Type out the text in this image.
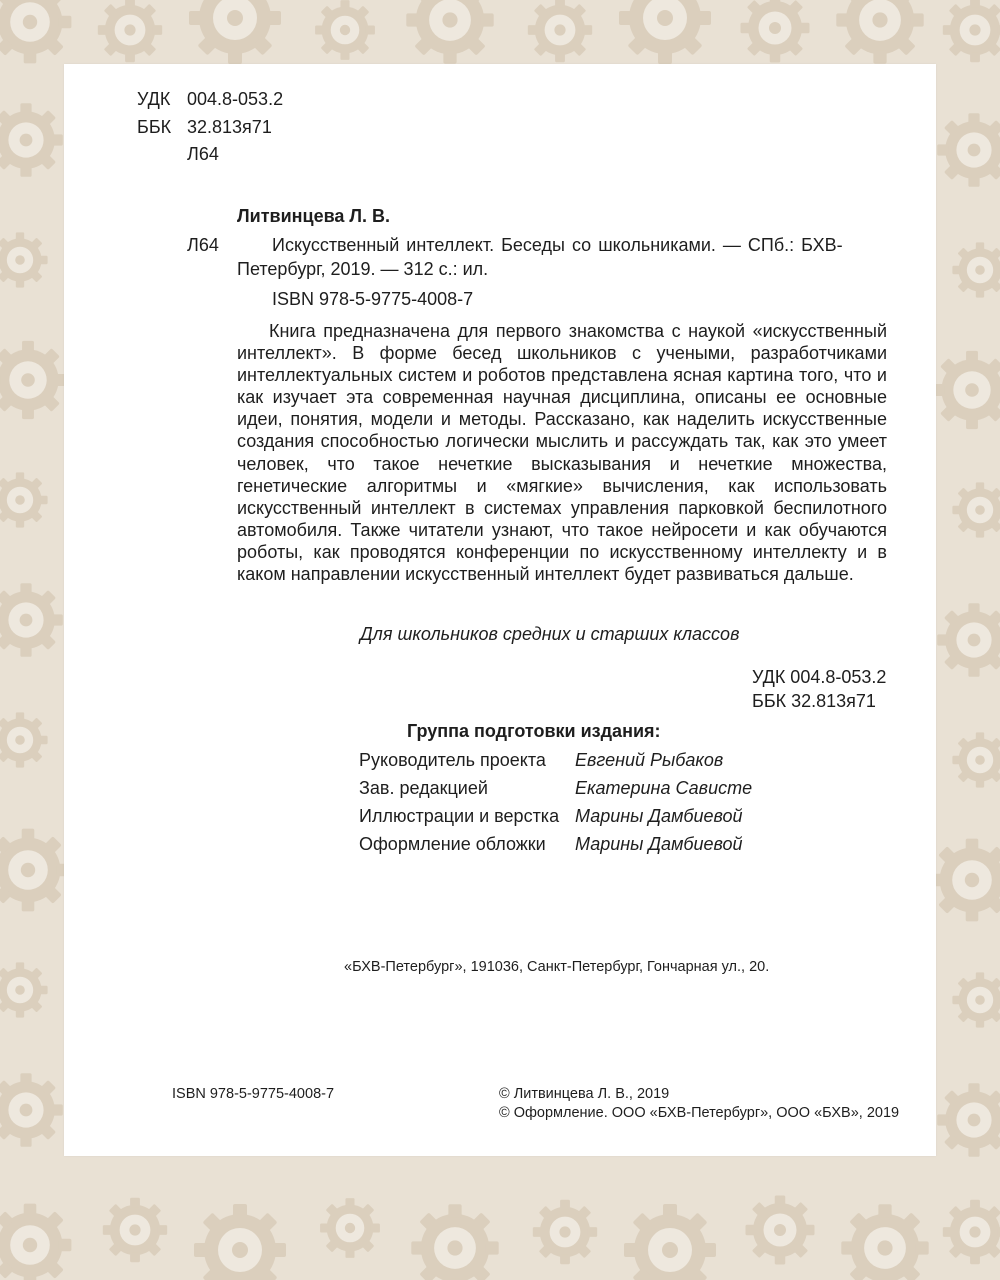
УДК 004.8-053.2
ББК 32.813я71
Л64
Литвинцева Л. В.
Л64	Искусственный интеллект. Беседы со школьниками. — СПб.: БХВ-
Петербург, 2019. — 312 с.: ил.
ISBN 978-5-9775-4008-7

Книга предназначена для первого знакомства с наукой «искусственный интеллект». В форме бесед школьников с учеными, разработчиками интеллектуальных систем и роботов представлена ясная картина того, что и как изучает эта современная научная дисциплина, описаны ее основные идеи, понятия, модели и методы. Рассказано, как наделить искусственные создания способностью логически мыслить и рассуждать так, как это умеет человек, что такое нечеткие высказывания и нечеткие множества, генетические алгоритмы и «мягкие» вычисления, как использовать искусственный интеллект в системах управления парковкой беспилотного автомобиля. Также читатели узнают, что такое нейросети и как обучаются роботы, как проводятся конференции по искусственному интеллекту и в каком направлении искусственный интеллект будет развиваться дальше.

Для школьников средних и старших классов
УДК 004.8-053.2
ББК 32.813я71
Группа подготовки издания:
Руководитель проекта Евгений Рыбаков
Зав. редакцией	Екатерина Сависте
Иллюстрации и верстка Марины Дамбиевой
Оформление обложки Марины Дамбиевой
«БХВ-Петербург», 191036, Санкт-Петербург, Гончарная ул., 20.
ISBN 978-5-9775-4008-7	© Литвинцева Л. В., 2019
© Оформление. ООО «БХВ-Петербург», ООО «БХВ», 2019
